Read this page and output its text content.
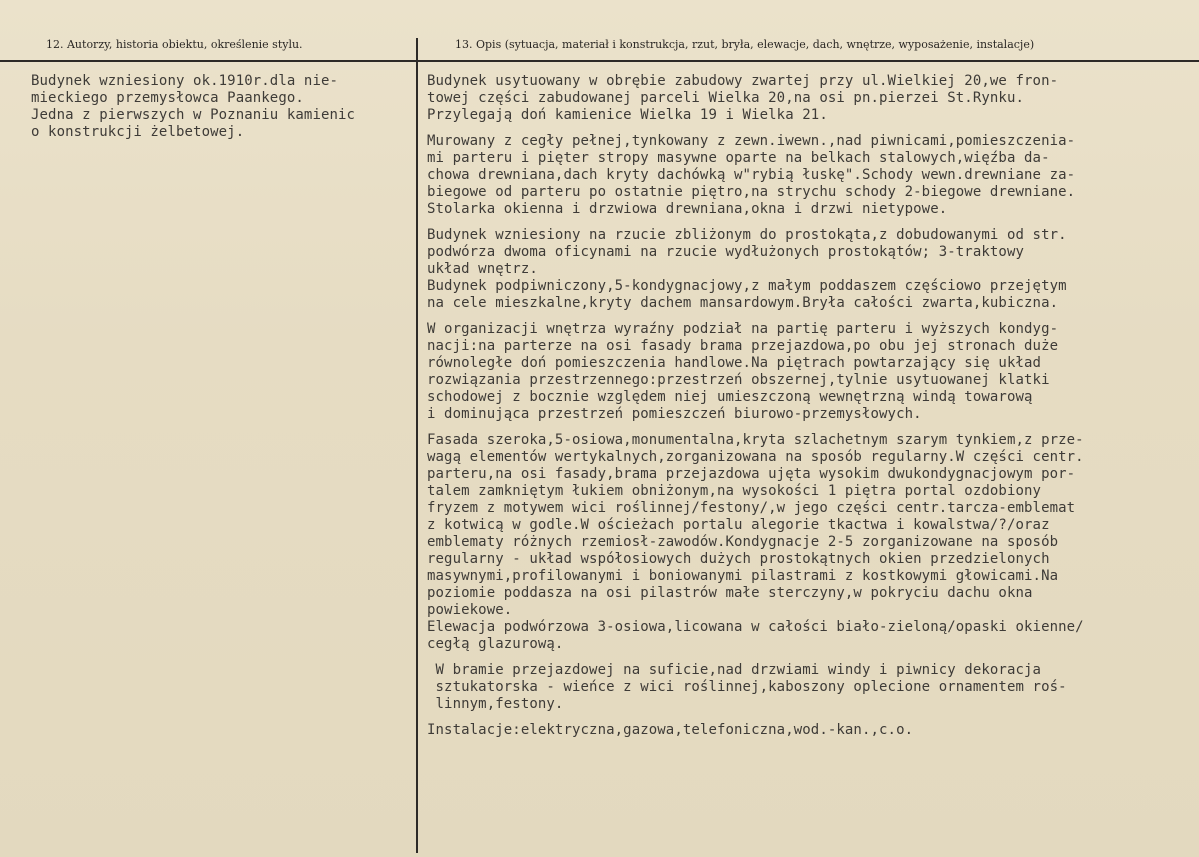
12. Autorzy, historia obiektu, określenie stylu.	13. Opis (sytuacja, materiał i konstrukcja, rzut, bryła, elewacje, dach, wnętrze, wyposażenie, instalacje)
Budynek wzniesiony ok.1910r.dla nie-
mieckiego przemysłowca Paankego.
Jedna z pierwszych w Poznaniu kamienic
o konstrukcji żelbetowej.
Budynek usytuowany w obrębie zabudowy zwartej przy ul.Wielkiej 20,we fron-
towej części zabudowanej parceli Wielka 20,na osi pn.pierzei St.Rynku.
Przylegają doń kamienice Wielka 19 i Wielka 21.
Murowany z cegły pełnej,tynkowany z zewn.iwewn.,nad piwnicami,pomieszczenia-
mi parteru i pięter stropy masywne oparte na belkach stalowych,więźba da-
chowa drewniana,dach kryty dachówką w"rybią łuskę".Schody wewn.drewniane za-
biegowe od parteru po ostatnie piętro,na strychu schody 2-biegowe drewniane.
Stolarka okienna i drzwiowa drewniana,okna i drzwi nietypowe.
Budynek wzniesiony na rzucie zbliżonym do prostokąta,z dobudowanymi od str.
podwórza dwoma oficynami na rzucie wydłużonych prostokątów; 3-traktowy
układ wnętrz.
Budynek podpiwniczony,5-kondygnacjowy,z małym poddaszem częściowo przejętym
na cele mieszkalne,kryty dachem mansardowym.Bryła całości zwarta,kubiczna.
W organizacji wnętrza wyraźny podział na partię parteru i wyższych kondyg-
nacji:na parterze na osi fasady brama przejazdowa,po obu jej stronach duże
równoległe doń pomieszczenia handlowe.Na piętrach powtarzający się układ
rozwiązania przestrzennego:przestrzeń obszernej,tylnie usytuowanej klatki
schodowej z bocznie względem niej umieszczoną wewnętrzną windą towarową
i dominująca przestrzeń pomieszczeń biurowo-przemysłowych.
Fasada szeroka,5-osiowa,monumentalna,kryta szlachetnym szarym tynkiem,z prze-
wagą elementów wertykalnych,zorganizowana na sposób regularny.W części centr.
parteru,na osi fasady,brama przejazdowa ujęta wysokim dwukondygnacjowym por-
talem zamkniętym łukiem obniżonym,na wysokości 1 piętra portal ozdobiony
fryzem z motywem wici roślinnej/festony/,w jego części centr.tarcza-emblemat
z kotwicą w godle.W ościeżach portalu alegorie tkactwa i kowalstwa/?/oraz
emblematy różnych rzemiosł-zawodów.Kondygnacje 2-5 zorganizowane na sposób
regularny - układ współosiowych dużych prostokątnych okien przedzielonych
masywnymi,profilowanymi i boniowanymi pilastrami z kostkowymi głowicami.Na
poziomie poddasza na osi pilastrów małe sterczyny,w pokryciu dachu okna
powiekowe.
Elewacja podwórzowa 3-osiowa,licowana w całości biało-zieloną/opaski okienne/
cegłą glazurową.
W bramie przejazdowej na suficie,nad drzwiami windy i piwnicy dekoracja
sztukatorska - wieńce z wici roślinnej,kaboszony oplecione ornamentem roś-
linnym,festony.
Instalacje:elektryczna,gazowa,telefoniczna,wod.-kan.,c.o.
